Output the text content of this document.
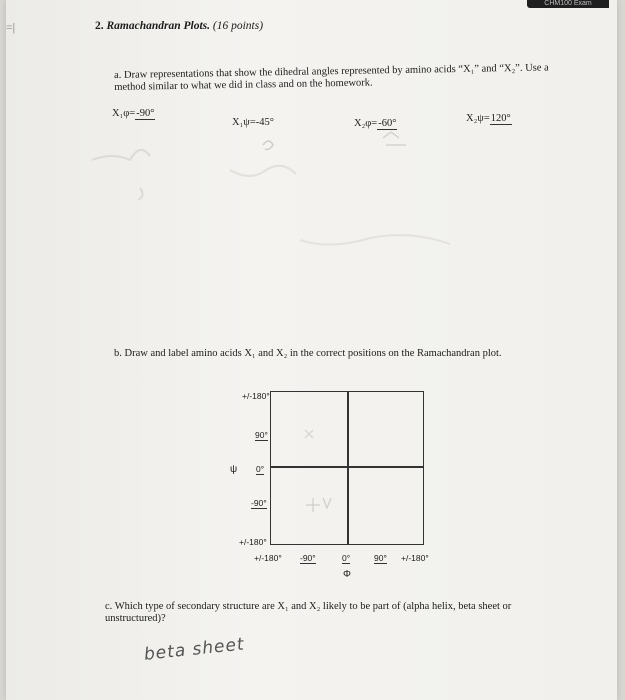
CHM100 Exam
=|	2. Ramachandran Plots. (16 points)
a. Draw representations that show the dihedral angles represented by amino acids “X₁” and “X₂”. Use a method similar to what we did in class and on the homework.
X₁φ=-90°
X₁ψ=-45°	X₂φ=-60°	X₂ψ=120°
b. Draw and label amino acids X₁ and X₂ in the correct positions on the Ramachandran plot.
+/-180°
90°
0°
-90°
+/-180°
ψ
+/-180° -90°	0°	90° +/-180°
Φ
c. Which type of secondary structure are X₁ and X₂ likely to be part of (alpha helix, beta sheet or unstructured)?
beta sheet
